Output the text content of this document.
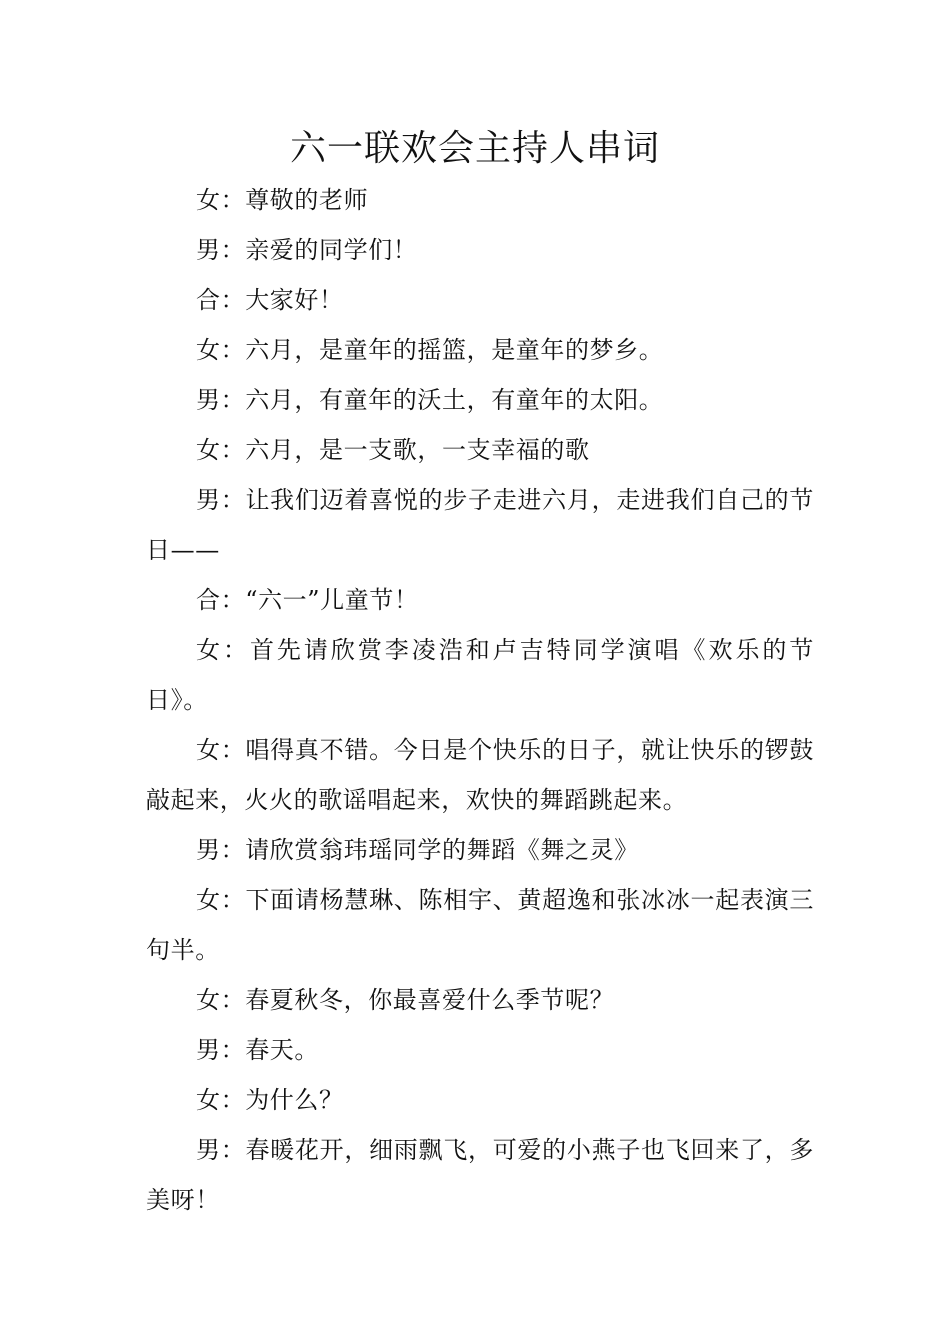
六一联欢会主持人串词

女：尊敬的老师

男：亲爱的同学们！

合：大家好！

女：六月，是童年的摇篮，是童年的梦乡。

男：六月，有童年的沃土，有童年的太阳。

女：六月，是一支歌，一支幸福的歌

男：让我们迈着喜悦的步子走进六月，走进我们自己的节日——

合：“六一”儿童节！

女：首先请欣赏李凌浩和卢吉特同学演唱《欢乐的节日》。

女：唱得真不错。今日是个快乐的日子，就让快乐的锣鼓敲起来，火火的歌谣唱起来，欢快的舞蹈跳起来。

男：请欣赏翁玮瑶同学的舞蹈《舞之灵》

女：下面请杨慧琳、陈相宇、黄超逸和张冰冰一起表演三句半。

女：春夏秋冬，你最喜爱什么季节呢？

男：春天。

女：为什么？

男：春暖花开，细雨飘飞，可爱的小燕子也飞回来了，多美呀！
